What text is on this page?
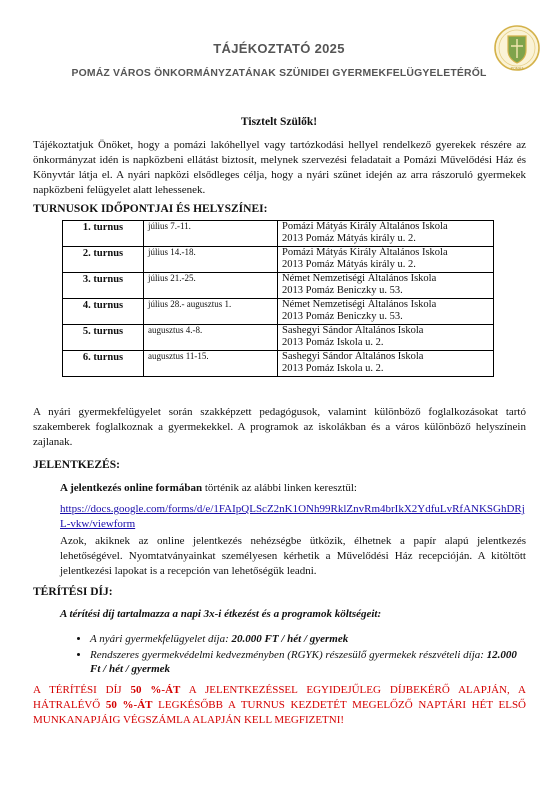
POMÁZ
TÁJÉKOZTATÓ 2025
POMÁZ VÁROS ÖNKORMÁNYZATÁNAK SZÜNIDEI GYERMEKFELÜGYELETÉRŐL
Tisztelt Szülők!
Tájékoztatjuk Önöket, hogy a pomázi lakóhellyel vagy tartózkodási hellyel rendelkező gyerekek részére az önkormányzat idén is napközbeni ellátást biztosít, melynek szervezési feladatait a Pomázi Művelődési Ház és Könyvtár látja el. A nyári napközi elsődleges célja, hogy a nyári szünet idején az arra rászoruló gyermekek napközbeni felügyelet alatt lehessenek.
TURNUSOK IDŐPONTJAI ÉS HELYSZÍNEI:
1. turnus	július 7.-11.	Pomázi Mátyás Király Általános Iskola
2013 Pomáz Mátyás király u. 2.
2. turnus	július 14.-18.	Pomázi Mátyás Király Általános Iskola
2013 Pomáz Mátyás király u. 2.
3. turnus	július 21.-25.	Német Nemzetiségi Általános Iskola
2013 Pomáz Beniczky u. 53.
4. turnus	július 28.- augusztus 1.	Német Nemzetiségi Általános Iskola
2013 Pomáz Beniczky u. 53.
5. turnus	augusztus 4.-8.	Sashegyi Sándor Általános Iskola
2013 Pomáz Iskola u. 2.
6. turnus	augusztus 11-15.	Sashegyi Sándor Általános Iskola
2013 Pomáz Iskola u. 2.
A nyári gyermekfelügyelet során szakképzett pedagógusok, valamint különböző foglalkozásokat tartó szakemberek foglalkoznak a gyermekekkel. A programok az iskolákban és a város különböző helyszínein zajlanak.
JELENTKEZÉS:
A jelentkezés online formában történik az alábbi linken keresztül:
https://docs.google.com/forms/d/e/1FAIpQLScZ2nK1ONh99RklZnvRm4brIkX2YdfuLvRfANKSGhDRjL-vkw/viewform
Azok, akiknek az online jelentkezés nehézségbe ütközik, élhetnek a papír alapú jelentkezés lehetőségével. Nyomtatványainkat személyesen kérhetik a Művelődési Ház recepcióján. A kitöltött jelentkezési lapokat is a recepción van lehetőségük leadni.
TÉRÍTÉSI DÍJ:
A térítési díj tartalmazza a napi 3x-i étkezést és a programok költségeit:
• A nyári gyermekfelügyelet díja: 20.000 FT / hét / gyermek
• Rendszeres gyermekvédelmi kedvezményben (RGYK) részesülő gyermekek részvételi díja: 12.000 Ft / hét / gyermek
A TÉRÍTÉSI DÍJ 50 %-ÁT A JELENTKEZÉSSEL EGYIDEJŰLEG DÍJBEKÉRŐ ALAPJÁN, A HÁTRALÉVŐ 50 %-ÁT LEGKÉSŐBB A TURNUS KEZDETÉT MEGELŐZŐ NAPTÁRI HÉT ELSŐ MUNKANAPJÁIG VÉGSZÁMLA ALAPJÁN KELL MEGFIZETNI!
